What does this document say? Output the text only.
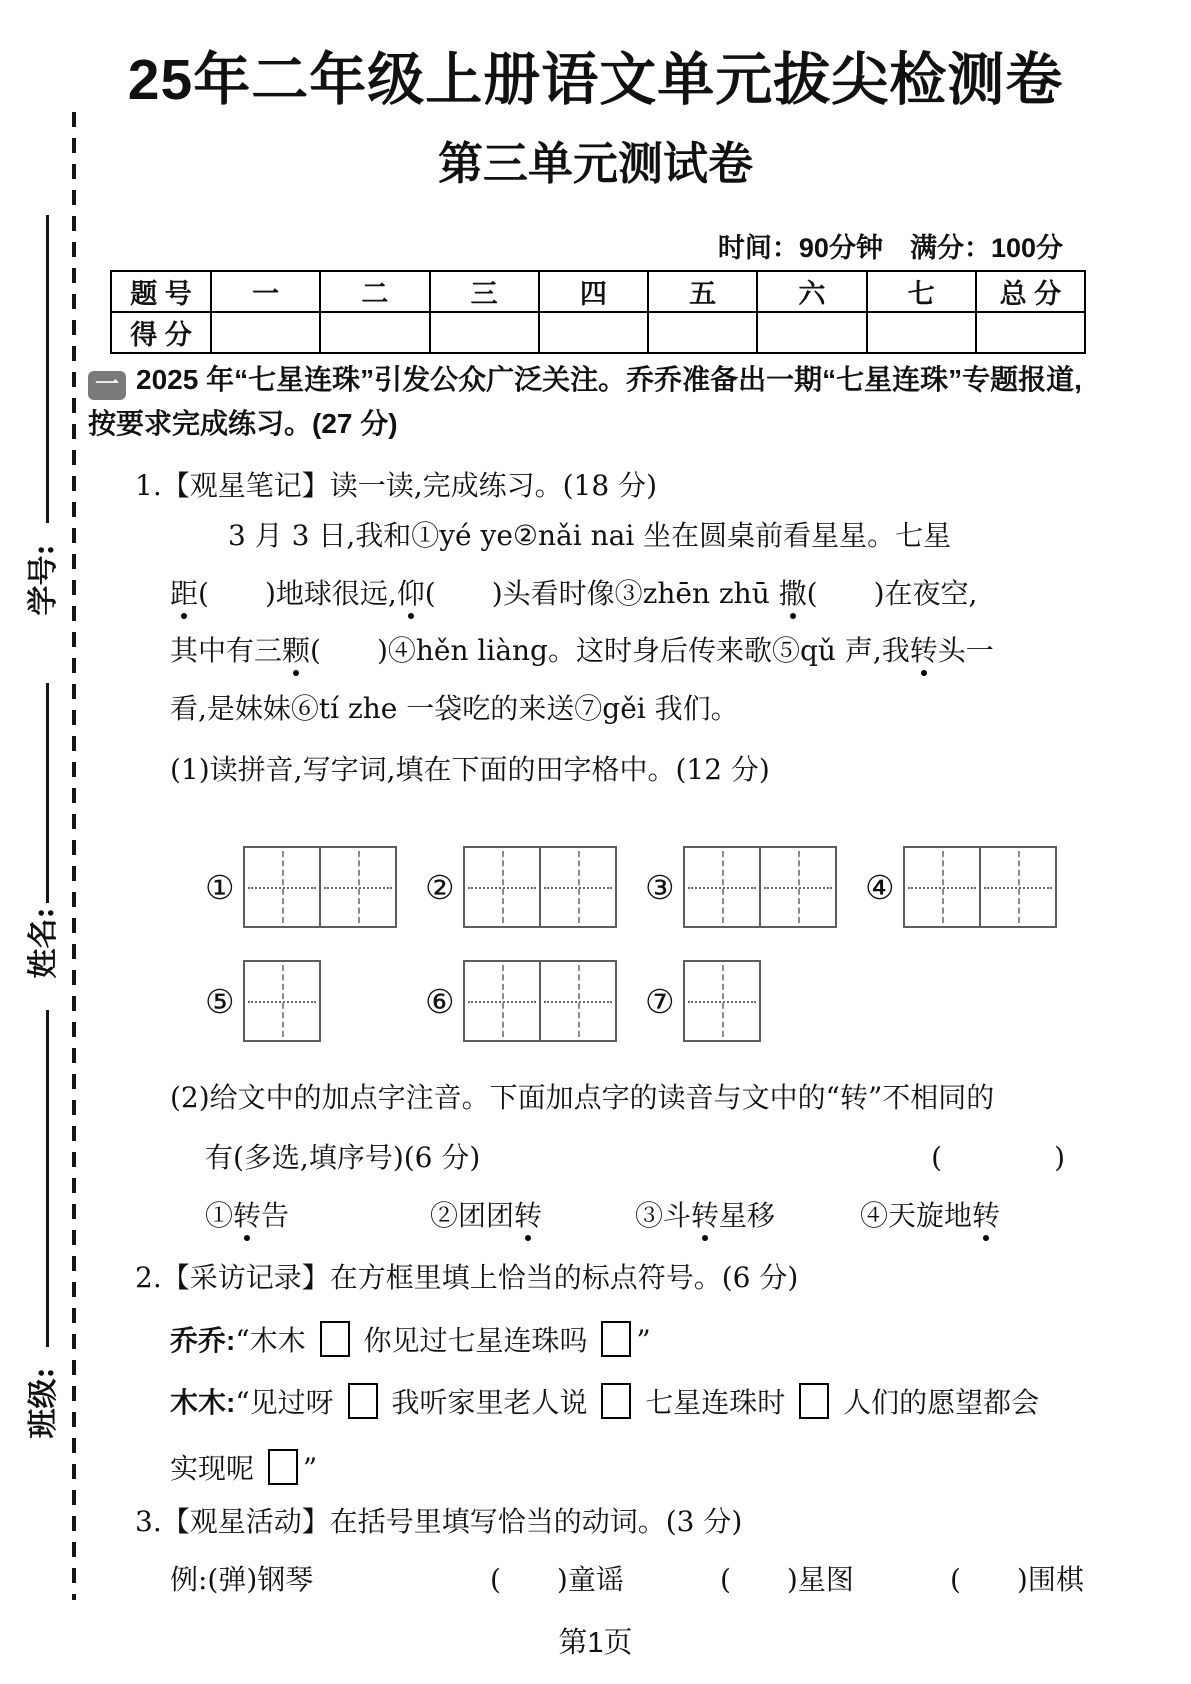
学号:
姓名:
班级:
25年二年级上册语文单元拔尖检测卷
第三单元测试卷
时间：90分钟　满分：100分
题 号	一	二	三	四	五	六	七	总 分
得 分								
一 2025 年“七星连珠”引发公众广泛关注。乔乔准备出一期“七星连珠”专题报道,按要求完成练习。(27 分)
1.【观星笔记】读一读,完成练习。(18 分)
3 月 3 日,我和①yé ye②nǎi nai 坐在圆桌前看星星。七星
距(　　)地球很远,仰(　　)头看时像③zhēn zhū 撒(　　)在夜空,
其中有三颗(　　)④hěn liàng。这时身后传来歌⑤qǔ 声,我转头一
看,是妹妹⑥tí zhe 一袋吃的来送⑦gěi 我们。
(1)读拼音,写字词,填在下面的田字格中。(12 分)
①	②	③	④
⑤	⑥	⑦
(2)给文中的加点字注音。下面加点字的读音与文中的“转”不相同的
有(多选,填序号)(6 分)	(　　　　)
①转告	②团团转	③斗转星移	④天旋地转
2.【采访记录】在方框里填上恰当的标点符号。(6 分)
乔乔:“木木  你见过七星连珠吗 ”
木木:“见过呀  我听家里老人说  七星连珠时  人们的愿望都会
实现呢 ”
3.【观星活动】在括号里填写恰当的动词。(3 分)
例:(弹)钢琴	(　　)童谣	(　　)星图	(　　)围棋
第1页
